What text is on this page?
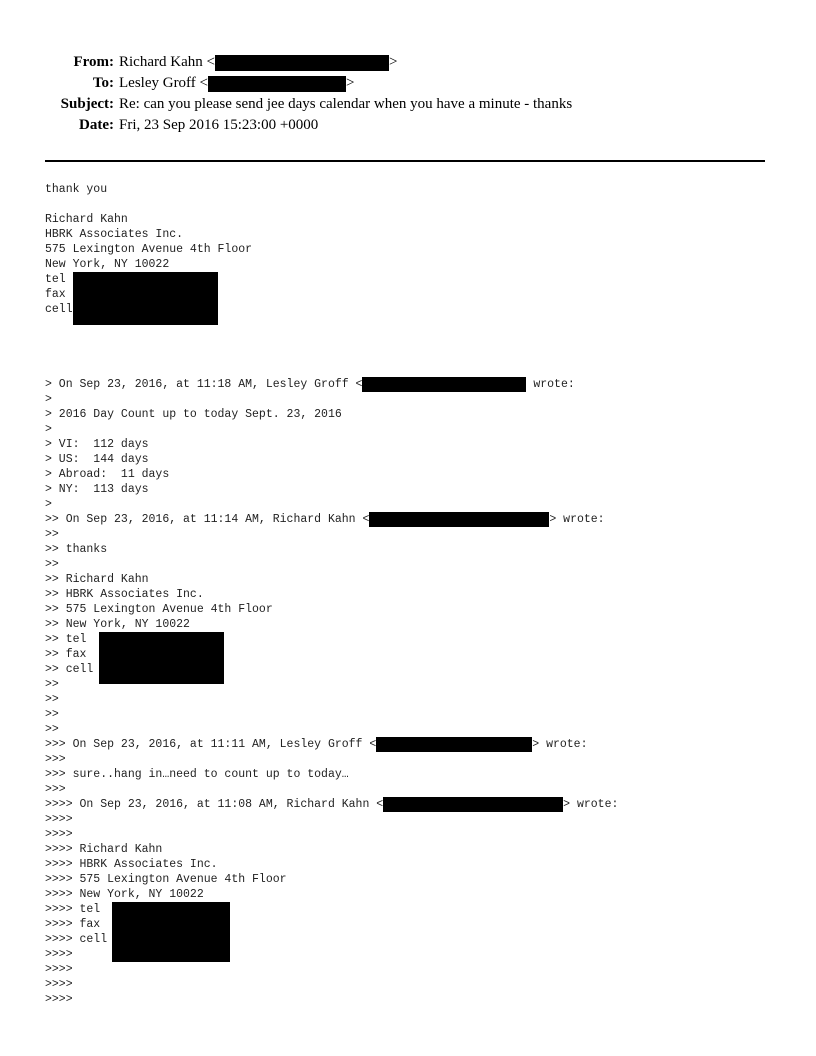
From: Richard Kahn <	>
To: Lesley Groff <	>
Subject: Re: can you please send jee days calendar when you have a minute - thanks
Date: Fri, 23 Sep 2016 15:23:00 +0000
thank you
Richard Kahn
HBRK Associates Inc.
575 Lexington Avenue 4th Floor
New York, NY 10022
tel
fax
cell
> On Sep 23, 2016, at 11:18 AM, Lesley Groff <	wrote:
>
> 2016 Day Count up to today Sept. 23, 2016
>
> VI:  112 days
> US:  144 days
> Abroad:  11 days
> NY:  113 days
>
>> On Sep 23, 2016, at 11:14 AM, Richard Kahn <	> wrote:
>>
>> thanks
>>
>> Richard Kahn
>> HBRK Associates Inc.
>> 575 Lexington Avenue 4th Floor
>> New York, NY 10022
>> tel
>> fax
>> cell
>>
>>
>>
>>
>>> On Sep 23, 2016, at 11:11 AM, Lesley Groff <	> wrote:
>>>
>>> sure..hang in…need to count up to today…
>>>
>>>> On Sep 23, 2016, at 11:08 AM, Richard Kahn <	> wrote:
>>>>
>>>>
>>>> Richard Kahn
>>>> HBRK Associates Inc.
>>>> 575 Lexington Avenue 4th Floor
>>>> New York, NY 10022
>>>> tel
>>>> fax
>>>> cell
>>>>
>>>>
>>>>
>>>>
